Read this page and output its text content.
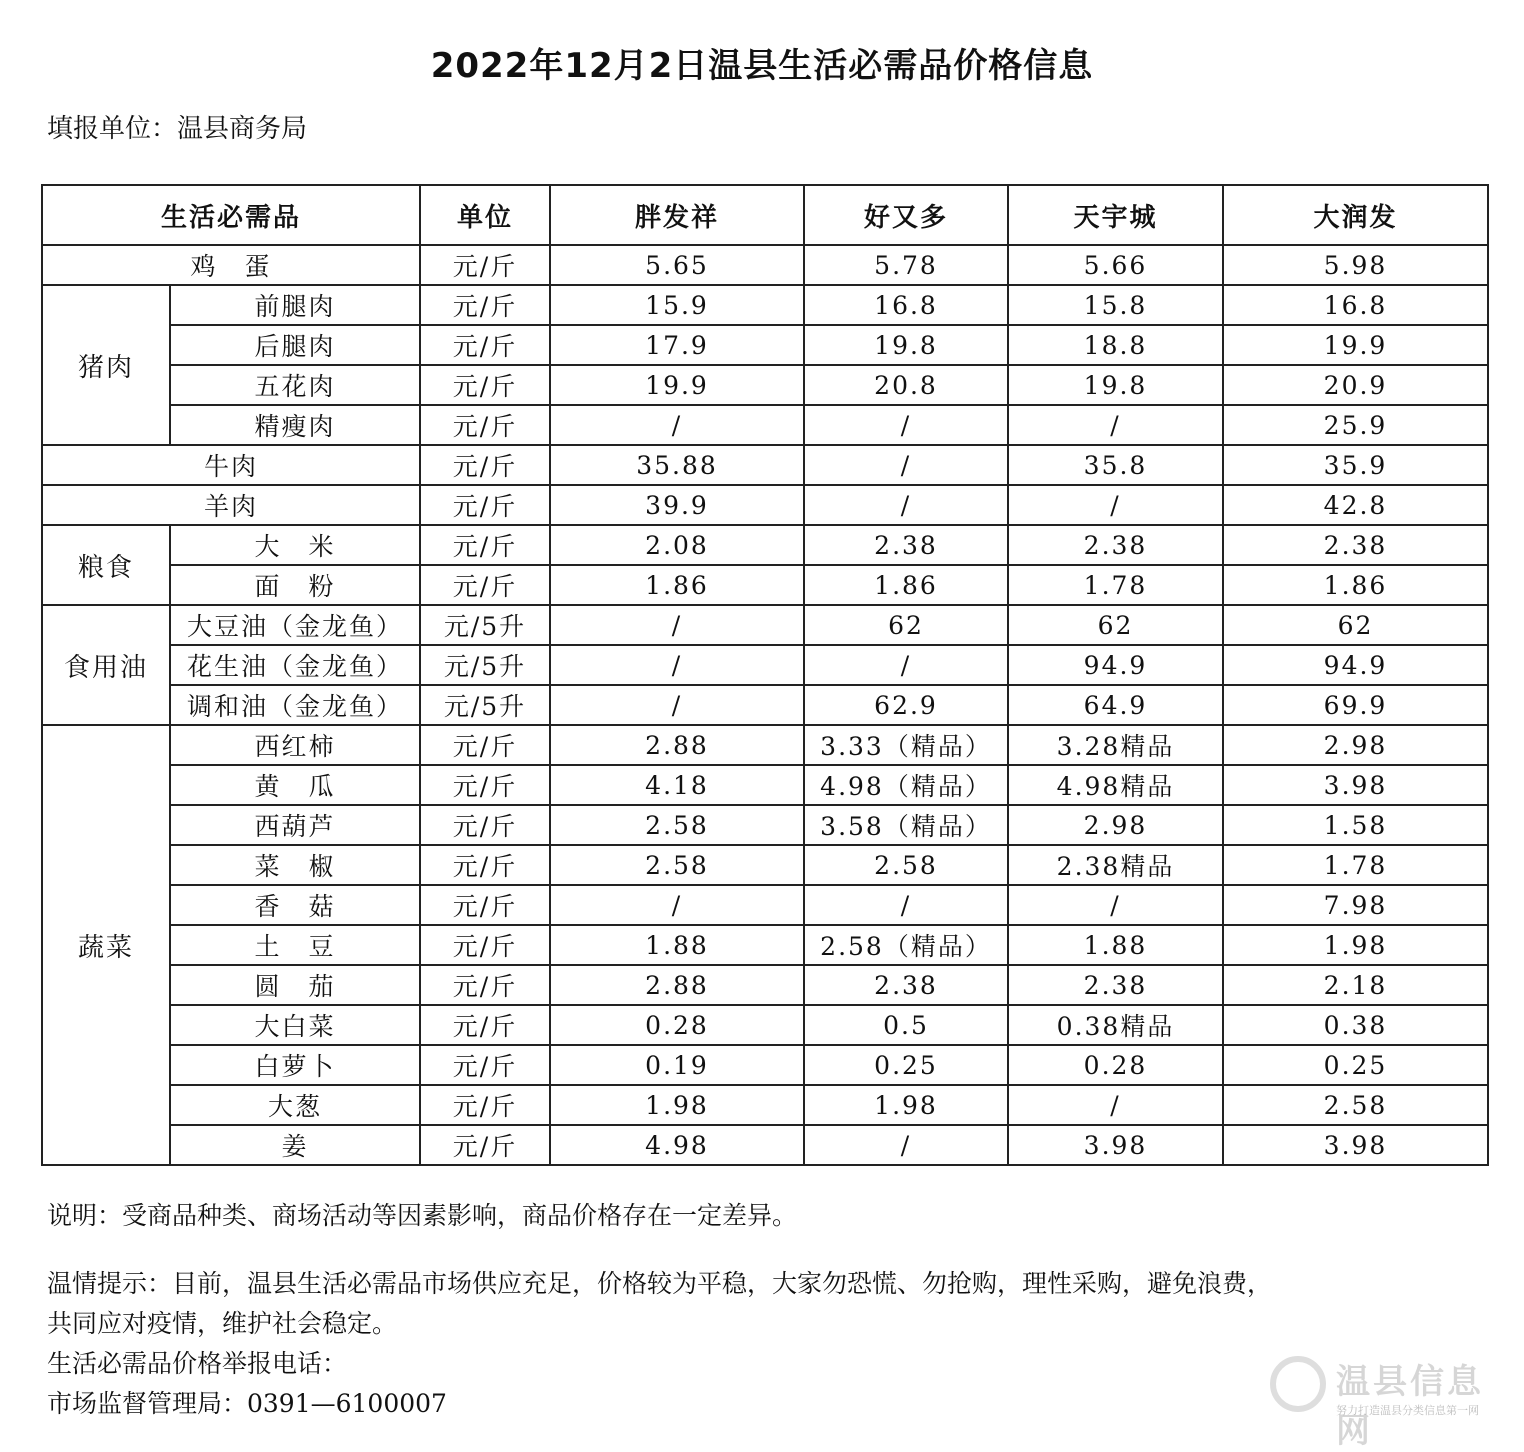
2022年12月2日温县生活必需品价格信息
填报单位：温县商务局
生活必需品		单位	胖发祥	好又多	天宇城	大润发
鸡　蛋		元/斤	5.65	5.78	5.66	5.98
猪肉	前腿肉	元/斤	15.9	16.8	15.8	16.8
	后腿肉	元/斤	17.9	19.8	18.8	19.9
	五花肉	元/斤	19.9	20.8	19.8	20.9
	精瘦肉	元/斤	/	/	/	25.9
牛肉		元/斤	35.88	/	35.8	35.9
羊肉		元/斤	39.9	/	/	42.8
粮食	大　米	元/斤	2.08	2.38	2.38	2.38
	面　粉	元/斤	1.86	1.86	1.78	1.86
食用油	大豆油（金龙鱼）	元/5升	/	62	62	62
	花生油（金龙鱼）	元/5升	/	/	94.9	94.9
	调和油（金龙鱼）	元/5升	/	62.9	64.9	69.9
蔬菜	西红柿	元/斤	2.88	3.33（精品）	3.28精品	2.98
	黄　瓜	元/斤	4.18	4.98（精品）	4.98精品	3.98
	西葫芦	元/斤	2.58	3.58（精品）	2.98	1.58
	菜　椒	元/斤	2.58	2.58	2.38精品	1.78
	香　菇	元/斤	/	/	/	7.98
	土　豆	元/斤	1.88	2.58（精品）	1.88	1.98
	圆　茄	元/斤	2.88	2.38	2.38	2.18
	大白菜	元/斤	0.28	0.5	0.38精品	0.38
	白萝卜	元/斤	0.19	0.25	0.28	0.25
	大葱	元/斤	1.98	1.98	/	2.58
	姜	元/斤	4.98	/	3.98	3.98
说明：受商品种类、商场活动等因素影响，商品价格存在一定差异。
温情提示：目前，温县生活必需品市场供应充足，价格较为平稳，大家勿恐慌、勿抢购，理性采购，避免浪费，
共同应对疫情，维护社会稳定。
生活必需品价格举报电话：
市场监督管理局：0391—6100007
温县信息网
努力打造温县分类信息第一网
